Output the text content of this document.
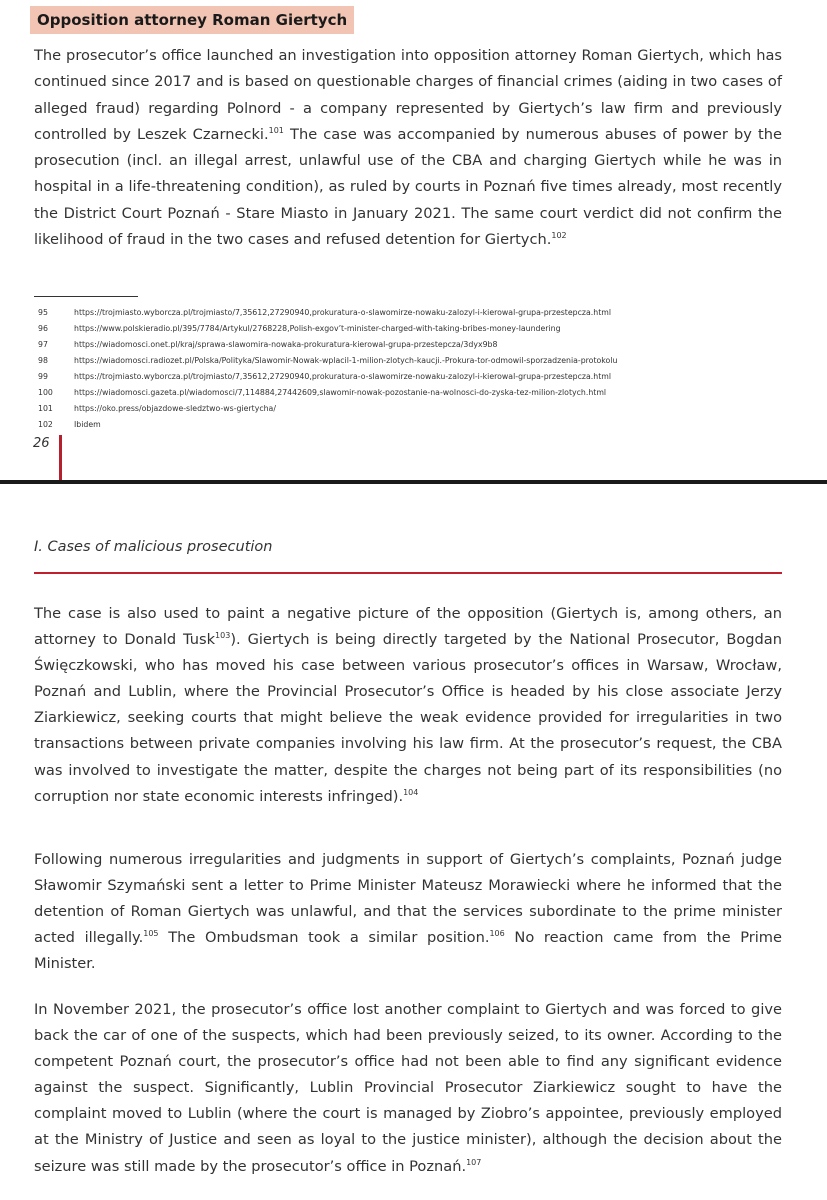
Opposition attorney Roman Giertych

The prosecutor’s office launched an investigation into opposition attorney Roman Giertych, which has continued since 2017 and is based on questionable charges of financial crimes (aiding in two cases of alleged fraud) regarding Polnord - a company represented by Giertych’s law firm and previously controlled by Leszek Czarnecki.$^{101}$ The case was accompanied by numerous abuses of power by the prosecution (incl. an illegal arrest, unlawful use of the CBA and charging Giertych while he was in hospital in a life-threatening condition), as ruled by courts in Poznań five times already, most recently the District Court Poznań - Stare Miasto in January 2021. The same court verdict did not confirm the likelihood of fraud in the two cases and refused detention for Giertych.$^{102}$

95	https://trojmiasto.wyborcza.pl/trojmiasto/7,35612,27290940,prokuratura-o-slawomirze-nowaku-zalozyl-i-kierowal-grupa-przestepcza.html
96	https://www.polskieradio.pl/395/7784/Artykul/2768228,Polish-exgov’t-minister-charged-with-taking-bribes-money-laundering
97	https://wiadomosci.onet.pl/kraj/sprawa-slawomira-nowaka-prokuratura-kierowal-grupa-przestepcza/3dyx9b8
98	https://wiadomosci.radiozet.pl/Polska/Polityka/Slawomir-Nowak-wplacil-1-milion-zlotych-kaucji.-Prokura-tor-odmowil-sporzadzenia-protokolu
99	https://trojmiasto.wyborcza.pl/trojmiasto/7,35612,27290940,prokuratura-o-slawomirze-nowaku-zalozyl-i-kierowal-grupa-przestepcza.html
100	https://wiadomosci.gazeta.pl/wiadomosci/7,114884,27442609,slawomir-nowak-pozostanie-na-wolnosci-do-zyska-tez-milion-zlotych.html
101	https://oko.press/objazdowe-sledztwo-ws-giertycha/
102	Ibidem
26
I. Cases of malicious prosecution

The case is also used to paint a negative picture of the opposition (Giertych is, among others, an attorney to Donald Tusk$^{103}$). Giertych is being directly targeted by the National Prosecutor, Bogdan Święczkowski, who has moved his case between various prosecutor’s offices in Warsaw, Wrocław, Poznań and Lublin, where the Provincial Prosecutor’s Office is headed by his close associate Jerzy Ziarkiewicz, seeking courts that might believe the weak evidence provided for irregularities in two transactions between private companies involving his law firm. At the prosecutor’s request, the CBA was involved to investigate the matter, despite the charges not being part of its responsibilities (no corruption nor state economic interests infringed).$^{104}$

Following numerous irregularities and judgments in support of Giertych’s complaints, Poznań judge Sławomir Szymański sent a letter to Prime Minister Mateusz Morawiecki where he informed that the detention of Roman Giertych was unlawful, and that the services subordinate to the prime minister acted illegally.$^{105}$ The Ombudsman took a similar position.$^{106}$ No reaction came from the Prime Minister.

In November 2021, the prosecutor’s office lost another complaint to Giertych and was forced to give back the car of one of the suspects, which had been previously seized, to its owner. According to the competent Poznań court, the prosecutor’s office had not been able to find any significant evidence against the suspect. Significantly, Lublin Provincial Prosecutor Ziarkiewicz sought to have the complaint moved to Lublin (where the court is managed by Ziobro’s appointee, previously employed at the Ministry of Justice and seen as loyal to the justice minister), although the decision about the seizure was still made by the prosecutor’s office in Poznań.$^{107}$
